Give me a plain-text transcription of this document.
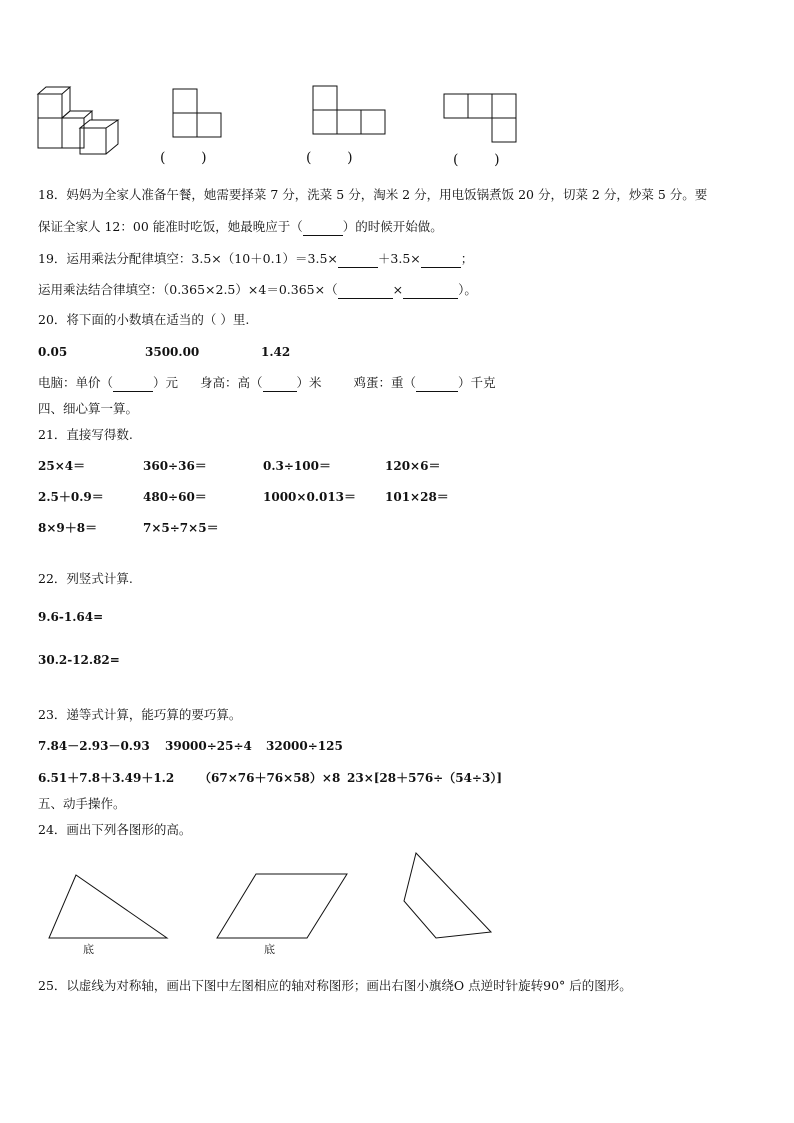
(        )	(        )	(        )
18．妈妈为全家人准备午餐，她需要择菜 7 分，洗菜 5 分，淘米 2 分，用电饭锅煮饭 20 分，切菜 2 分，炒菜 5 分。要
保证全家人 12：00 能准时吃饭，她最晚应于（	）的时候开始做。
19．运用乘法分配律填空：3.5×（10＋0.1）＝3.5×	＋3.5×	；
运用乘法结合律填空：（0.365×2.5）×4＝0.365×（	×	）。
20．将下面的小数填在适当的（ ）里.
0.05	3500.00	1.42
电脑：单价（	）元 身高：高（	）米	鸡蛋：重（	）千克
四、细心算一算。
21．直接写得数.
25×4＝	360÷36＝	0.3÷100＝	120×6＝
2.5＋0.9＝	480÷60＝	1000×0.013＝ 101×28＝
8×9＋8＝	7×5÷7×5＝
22．列竖式计算.
9.6-1.64=
30.2-12.82=
23．递等式计算，能巧算的要巧算。
7.84－2.93－0.93 39000÷25÷4 32000÷125
6.51＋7.8＋3.49＋1.2 （67×76＋76×58）×8 23×[28＋576÷（54÷3）]
五、动手操作。
24．画出下列各图形的高。
底	底
25．以虚线为对称轴，画出下图中左图相应的轴对称图形；画出右图小旗绕O 点逆时针旋转90° 后的图形。
